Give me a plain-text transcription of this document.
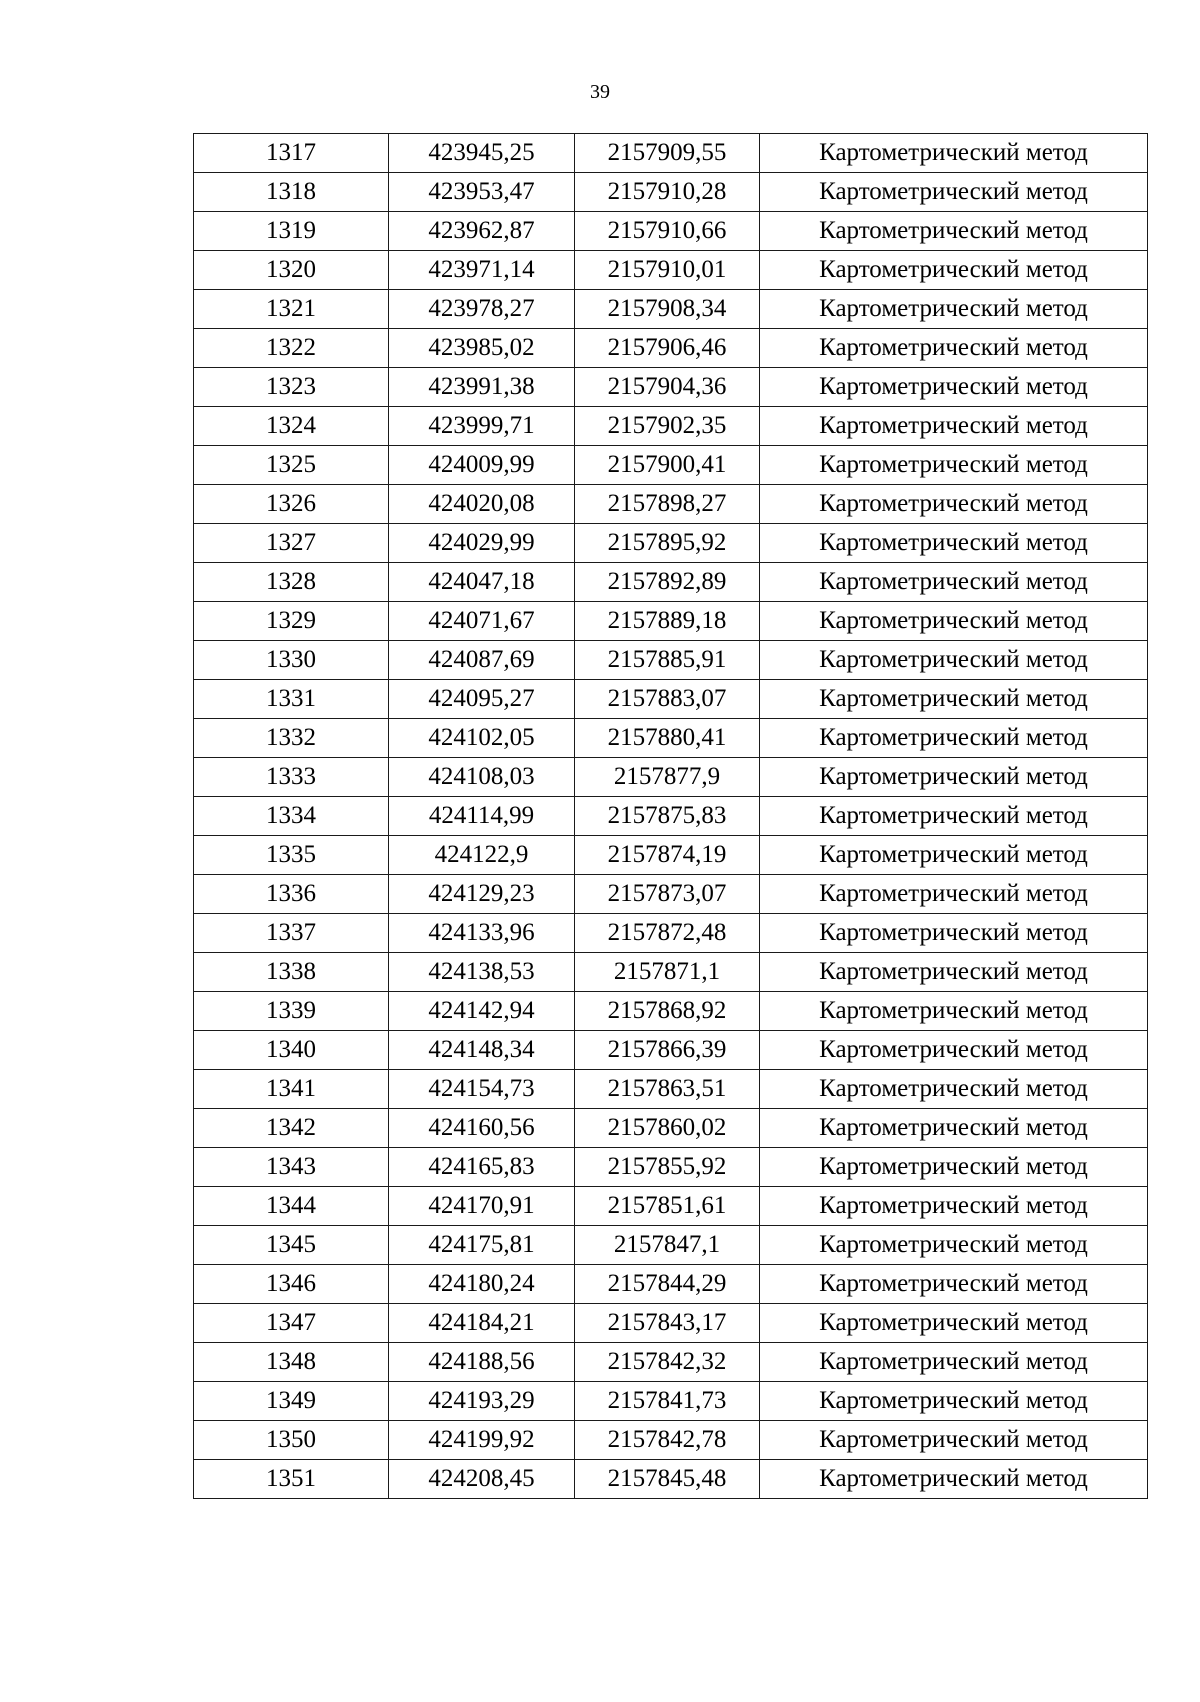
39
1317	423945,25	2157909,55	Картометрический метод
1318	423953,47	2157910,28	Картометрический метод
1319	423962,87	2157910,66	Картометрический метод
1320	423971,14	2157910,01	Картометрический метод
1321	423978,27	2157908,34	Картометрический метод
1322	423985,02	2157906,46	Картометрический метод
1323	423991,38	2157904,36	Картометрический метод
1324	423999,71	2157902,35	Картометрический метод
1325	424009,99	2157900,41	Картометрический метод
1326	424020,08	2157898,27	Картометрический метод
1327	424029,99	2157895,92	Картометрический метод
1328	424047,18	2157892,89	Картометрический метод
1329	424071,67	2157889,18	Картометрический метод
1330	424087,69	2157885,91	Картометрический метод
1331	424095,27	2157883,07	Картометрический метод
1332	424102,05	2157880,41	Картометрический метод
1333	424108,03	2157877,9	Картометрический метод
1334	424114,99	2157875,83	Картометрический метод
1335	424122,9	2157874,19	Картометрический метод
1336	424129,23	2157873,07	Картометрический метод
1337	424133,96	2157872,48	Картометрический метод
1338	424138,53	2157871,1	Картометрический метод
1339	424142,94	2157868,92	Картометрический метод
1340	424148,34	2157866,39	Картометрический метод
1341	424154,73	2157863,51	Картометрический метод
1342	424160,56	2157860,02	Картометрический метод
1343	424165,83	2157855,92	Картометрический метод
1344	424170,91	2157851,61	Картометрический метод
1345	424175,81	2157847,1	Картометрический метод
1346	424180,24	2157844,29	Картометрический метод
1347	424184,21	2157843,17	Картометрический метод
1348	424188,56	2157842,32	Картометрический метод
1349	424193,29	2157841,73	Картометрический метод
1350	424199,92	2157842,78	Картометрический метод
1351	424208,45	2157845,48	Картометрический метод
